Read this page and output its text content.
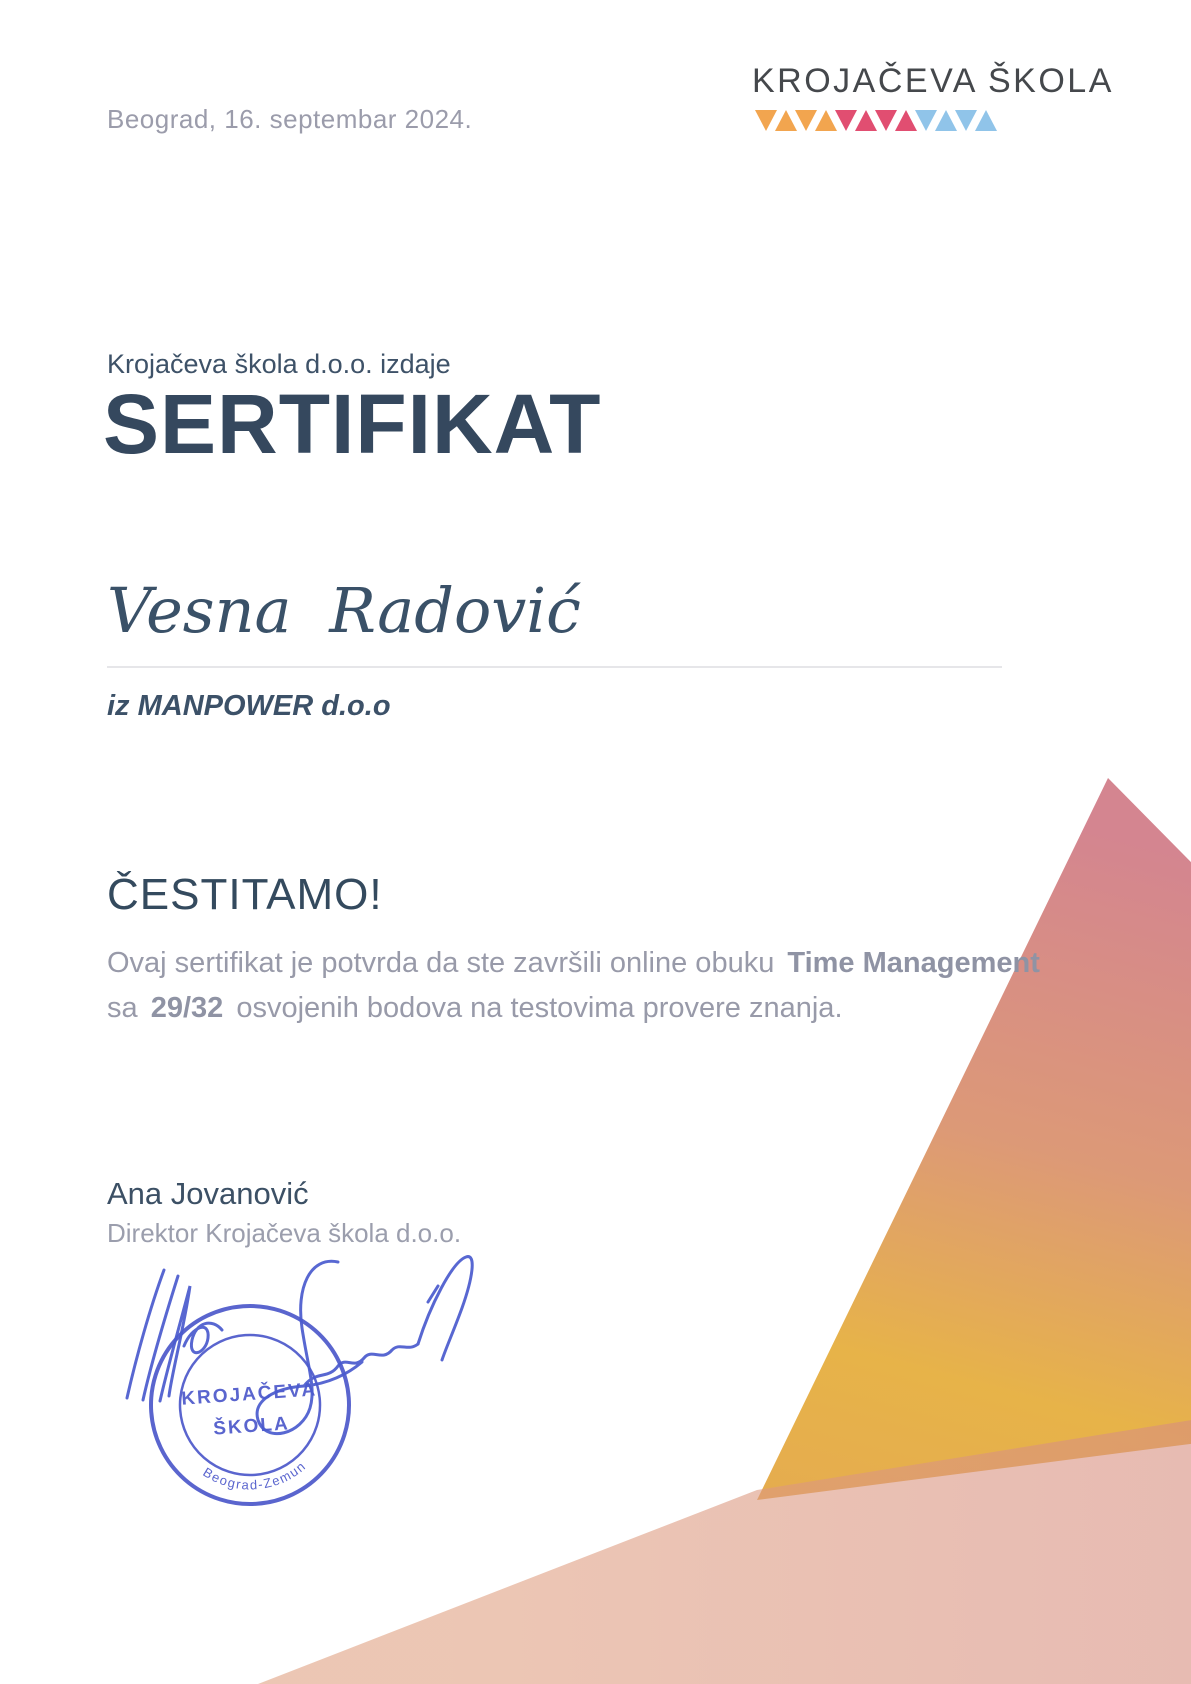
Beograd, 16. septembar 2024.
KROJAČEVA ŠKOLA
Krojačeva škola d.o.o. izdaje
SERTIFIKAT
Vesna Radović
iz MANPOWER d.o.o
ČESTITAMO!
Ovaj sertifikat je potvrda da ste završili online obuku Time Management
sa 29/32 osvojenih bodova na testovima provere znanja.
Ana Jovanović
Direktor Krojačeva škola d.o.o.
KROJAČEVA
ŠKOLA
Beograd-Zemun
